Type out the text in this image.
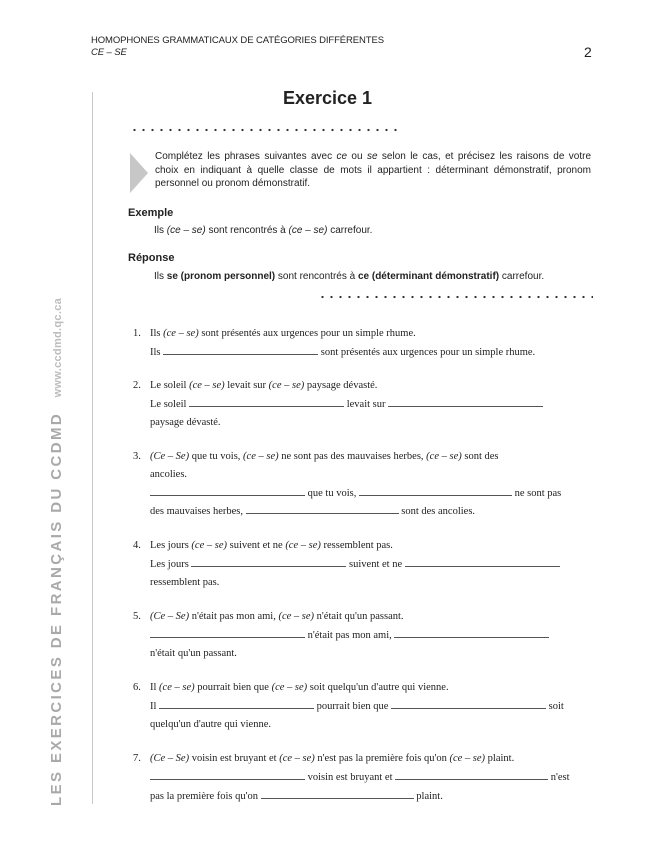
HOMOPHONES GRAMMATICAUX DE CATÉGORIES DIFFÉRENTES
CE – SE	2
LES EXERCICES DE FRANÇAIS DU CCDMD www.ccdmd.qc.ca
Exercice 1
Complétez les phrases suivantes avec ce ou se selon le cas, et précisez les raisons de votre choix en indiquant à quelle classe de mots il appartient : déterminant démonstratif, pronom personnel ou pronom démonstratif.
Exemple
Ils (ce – se) sont rencontrés à (ce – se) carrefour.
Réponse
Ils se (pronom personnel) sont rencontrés à ce (déterminant démonstratif) carrefour.
1. Ils (ce – se) sont présentés aux urgences pour un simple rhume.
Ils	sont présentés aux urgences pour un simple rhume.
2. Le soleil (ce – se) levait sur (ce – se) paysage dévasté.
Le soleil	levait sur
paysage dévasté.
3. (Ce – Se) que tu vois, (ce – se) ne sont pas des mauvaises herbes, (ce – se) sont des
ancolies.
que tu vois,	ne sont pas
des mauvaises herbes,	sont des ancolies.
4. Les jours (ce – se) suivent et ne (ce – se) ressemblent pas.
Les jours	suivent et ne
ressemblent pas.
5. (Ce – Se) n'était pas mon ami, (ce – se) n'était qu'un passant.
n'était pas mon ami,
n'était qu'un passant.
6. Il (ce – se) pourrait bien que (ce – se) soit quelqu'un d'autre qui vienne.
Il	pourrait bien que	soit
quelqu'un d'autre qui vienne.
7. (Ce – Se) voisin est bruyant et (ce – se) n'est pas la première fois qu'on (ce – se) plaint.
voisin est bruyant et	n'est
pas la première fois qu'on	plaint.
